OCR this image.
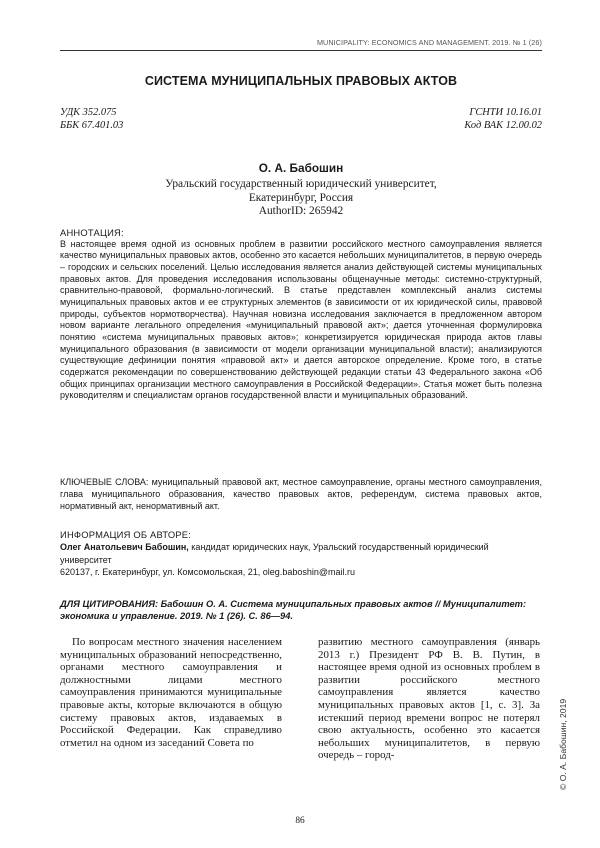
MUNICIPALITY: ECONOMICS AND MANAGEMENT. 2019. № 1 (26)
СИСТЕМА МУНИЦИПАЛЬНЫХ ПРАВОВЫХ АКТОВ
УДК 352.075
ББК 67.401.03
ГСНТИ 10.16.01
Код ВАК 12.00.02
О. А. Бабошин
Уральский государственный юридический университет,
Екатеринбург, Россия
AuthorID: 265942
АННОТАЦИЯ:
В настоящее время одной из основных проблем в развитии российского местного самоуправления является качество муниципальных правовых актов, особенно это касается небольших муниципалитетов, в первую очередь – городских и сельских поселений. Целью исследования является анализ действующей системы муниципальных правовых актов. Для проведения исследования использованы общенаучные методы: системно-структурный, сравнительно-правовой, формально-логический. В статье представлен комплексный анализ системы муниципальных правовых актов и ее структурных элементов (в зависимости от их юридической силы, правовой природы, субъектов нормотворчества). Научная новизна исследования заключается в предложенном автором новом варианте легального определения «муниципальный правовой акт»; дается уточненная формулировка понятию «система муниципальных правовых актов»; конкретизируется юридическая природа актов главы муниципального образования (в зависимости от модели организации муниципальной власти); анализируются существующие дефиниции понятия «правовой акт» и дается авторское определение. Кроме того, в статье содержатся рекомендации по совершенствованию действующей редакции статьи 43 Федерального закона «Об общих принципах организации местного самоуправления в Российской Федерации». Статья может быть полезна руководителям и специалистам органов государственной власти и муниципальных образований.
КЛЮЧЕВЫЕ СЛОВА: муниципальный правовой акт, местное самоуправление, органы местного самоуправления, глава муниципального образования, качество правовых актов, референдум, система правовых актов, нормативный акт, ненормативный акт.
ИНФОРМАЦИЯ ОБ АВТОРЕ:
Олег Анатольевич Бабошин, кандидат юридических наук, Уральский государственный юридический университет
620137, г. Екатеринбург, ул. Комсомольская, 21, oleg.baboshin@mail.ru
ДЛЯ ЦИТИРОВАНИЯ: Бабошин О. А. Система муниципальных правовых актов // Муниципалитет: экономика и управление. 2019. № 1 (26). С. 86—94.
По вопросам местного значения населением муниципальных образований непосредственно, органами местного самоуправления и должностными лицами местного самоуправления принимаются муниципальные правовые акты, которые включаются в общую систему правовых актов, издаваемых в Российской Федерации. Как справедливо отметил на одном из заседаний Совета по
развитию местного самоуправления (январь 2013 г.) Президент РФ В. В. Путин, в настоящее время одной из основных проблем в развитии российского местного самоуправления является качество муниципальных правовых актов [1, с. 3]. За истекший период времени вопрос не потерял свою актуальность, особенно это касается небольших муниципалитетов, в первую очередь – город-
86
© О. А. Бабошин, 2019
